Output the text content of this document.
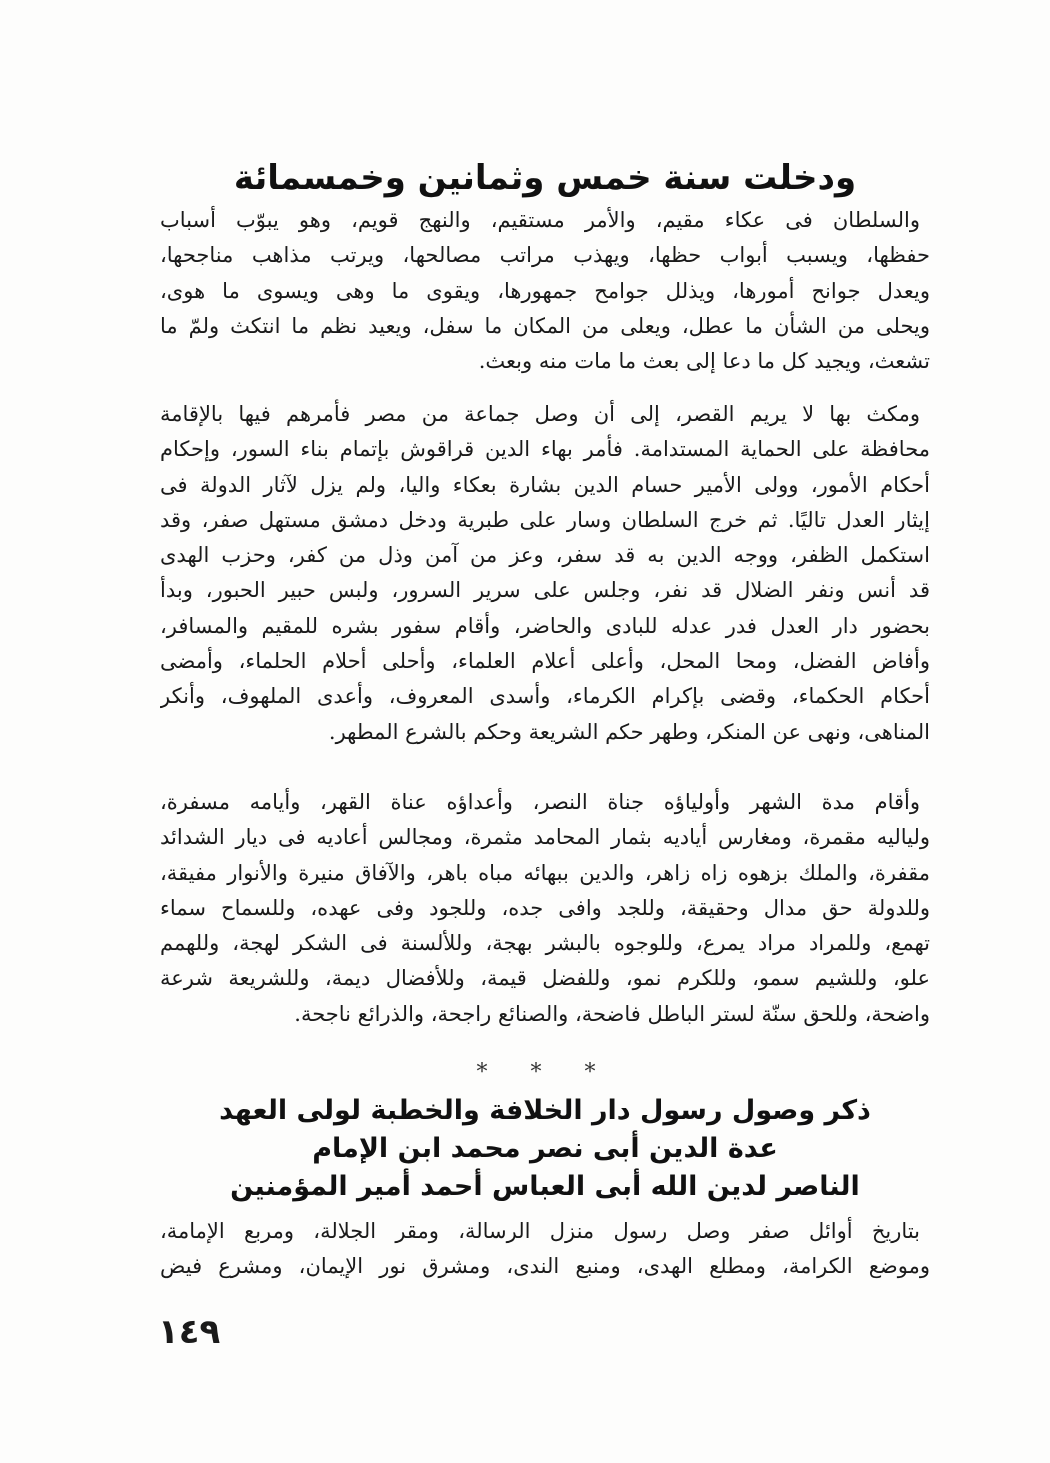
ودخلت سنة خمس وثمانين وخمسمائة
والسلطان فى عكاء مقيم، والأمر مستقيم، والنهج قويم، وهو يبوّب أسباب
حفظها، ويسبب أبواب حظها، ويهذب مراتب مصالحها، ويرتب مذاهب مناجحها،
ويعدل جوانح أمورها، ويذلل جوامح جمهورها، ويقوى ما وهى ويسوى ما هوى،
ويحلى من الشأن ما عطل، ويعلى من المكان ما سفل، ويعيد نظم ما انتكث ولمّ ما
تشعث، ويجيد كل ما دعا إلى بعث ما مات منه وبعث.
ومكث بها لا يريم القصر، إلى أن وصل جماعة من مصر فأمرهم فيها بالإقامة
محافظة على الحماية المستدامة. فأمر بهاء الدين قراقوش بإتمام بناء السور، وإحكام
أحكام الأمور، وولى الأمير حسام الدين بشارة بعكاء واليا، ولم يزل لآثار الدولة فى
إيثار العدل تاليًا. ثم خرج السلطان وسار على طبرية ودخل دمشق مستهل صفر، وقد
استكمل الظفر، ووجه الدين به قد سفر، وعز من آمن وذل من كفر، وحزب الهدى
قد أنس ونفر الضلال قد نفر، وجلس على سرير السرور، ولبس حبير الحبور، وبدأ
بحضور دار العدل فدر عدله للبادى والحاضر، وأقام سفور بشره للمقيم والمسافر،
وأفاض الفضل، ومحا المحل، وأعلى أعلام العلماء، وأحلى أحلام الحلماء، وأمضى
أحكام الحكماء، وقضى بإكرام الكرماء، وأسدى المعروف، وأعدى الملهوف، وأنكر
المناهى، ونهى عن المنكر، وطهر حكم الشريعة وحكم بالشرع المطهر.
وأقام مدة الشهر وأولياؤه جناة النصر، وأعداؤه عناة القهر، وأيامه مسفرة،
ولياليه مقمرة، ومغارس أياديه بثمار المحامد مثمرة، ومجالس أعاديه فى ديار الشدائد
مقفرة، والملك بزهوه زاه زاهر، والدين ببهائه مباه باهر، والآفاق منيرة والأنوار مفيقة،
وللدولة حق مدال وحقيقة، وللجد وافى جده، وللجود وفى عهده، وللسماح سماء
تهمع، وللمراد مراد يمرع، وللوجوه بالبشر بهجة، وللألسنة فى الشكر لهجة، وللهمم
علو، وللشيم سمو، وللكرم نمو، وللفضل قيمة، وللأفضال ديمة، وللشريعة شرعة
واضحة، وللحق سنّة لستر الباطل فاضحة، والصنائع راجحة، والذرائع ناجحة.
* * *
ذكر وصول رسول دار الخلافة والخطبة لولى العهد
عدة الدين أبى نصر محمد ابن الإمام
الناصر لدين الله أبى العباس أحمد أمير المؤمنين
بتاريخ أوائل صفر وصل رسول منزل الرسالة، ومقر الجلالة، ومربع الإمامة،
وموضع الكرامة، ومطلع الهدى، ومنبع الندى، ومشرق نور الإيمان، ومشرع فيض
١٤٩
